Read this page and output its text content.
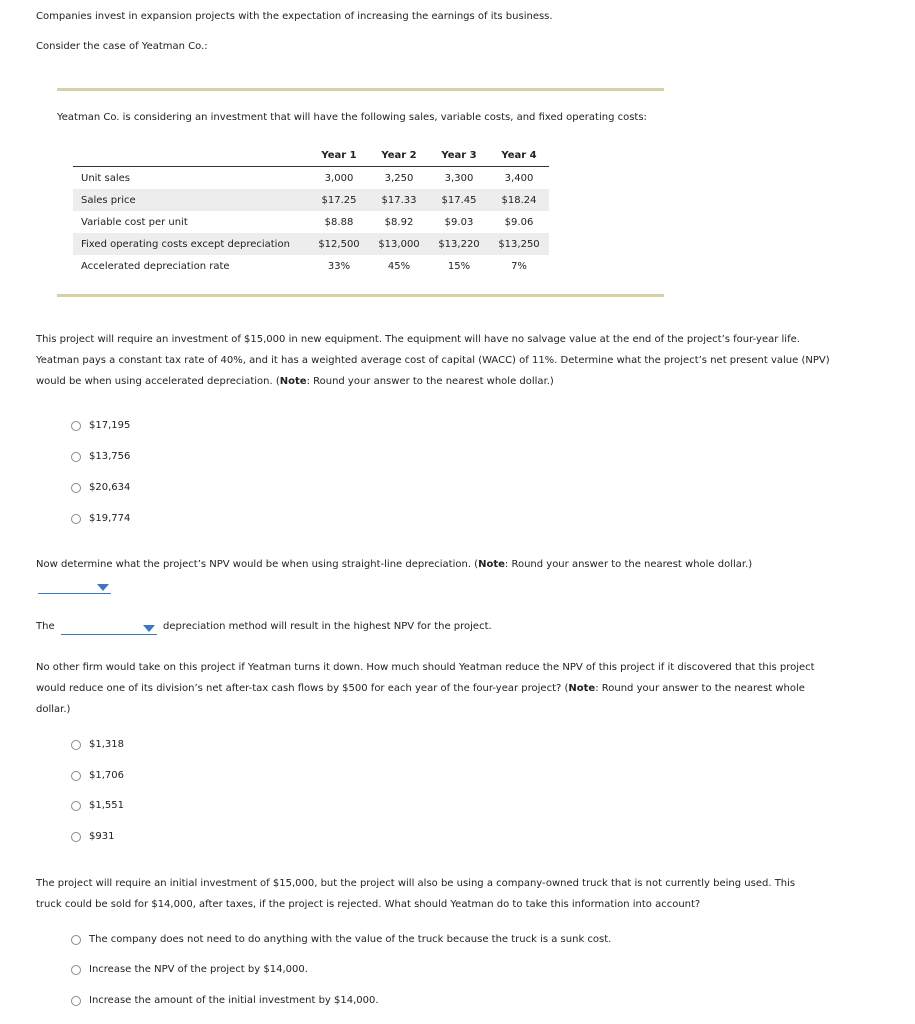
Companies invest in expansion projects with the expectation of increasing the earnings of its business.
Consider the case of Yeatman Co.:
Yeatman Co. is considering an investment that will have the following sales, variable costs, and fixed operating costs:
	Year 1	Year 2	Year 3	Year 4
Unit sales	3,000	3,250	3,300	3,400
Sales price	$17.25	$17.33	$17.45	$18.24
Variable cost per unit	$8.88	$8.92	$9.03	$9.06
Fixed operating costs except depreciation	$12,500	$13,000	$13,220	$13,250
Accelerated depreciation rate	33%	45%	15%	7%
This project will require an investment of $15,000 in new equipment. The equipment will have no salvage value at the end of the project’s four-year life. Yeatman pays a constant tax rate of 40%, and it has a weighted average cost of capital (WACC) of 11%. Determine what the project’s net present value (NPV) would be when using accelerated depreciation. (Note: Round your answer to the nearest whole dollar.)
$17,195
$13,756
$20,634
$19,774
Now determine what the project’s NPV would be when using straight-line depreciation. (Note: Round your answer to the nearest whole dollar.)
The	depreciation method will result in the highest NPV for the project.
No other firm would take on this project if Yeatman turns it down. How much should Yeatman reduce the NPV of this project if it discovered that this project would reduce one of its division’s net after-tax cash flows by $500 for each year of the four-year project? (Note: Round your answer to the nearest whole dollar.)
$1,318
$1,706
$1,551
$931
The project will require an initial investment of $15,000, but the project will also be using a company-owned truck that is not currently being used. This truck could be sold for $14,000, after taxes, if the project is rejected. What should Yeatman do to take this information into account?
The company does not need to do anything with the value of the truck because the truck is a sunk cost.
Increase the NPV of the project by $14,000.
Increase the amount of the initial investment by $14,000.
